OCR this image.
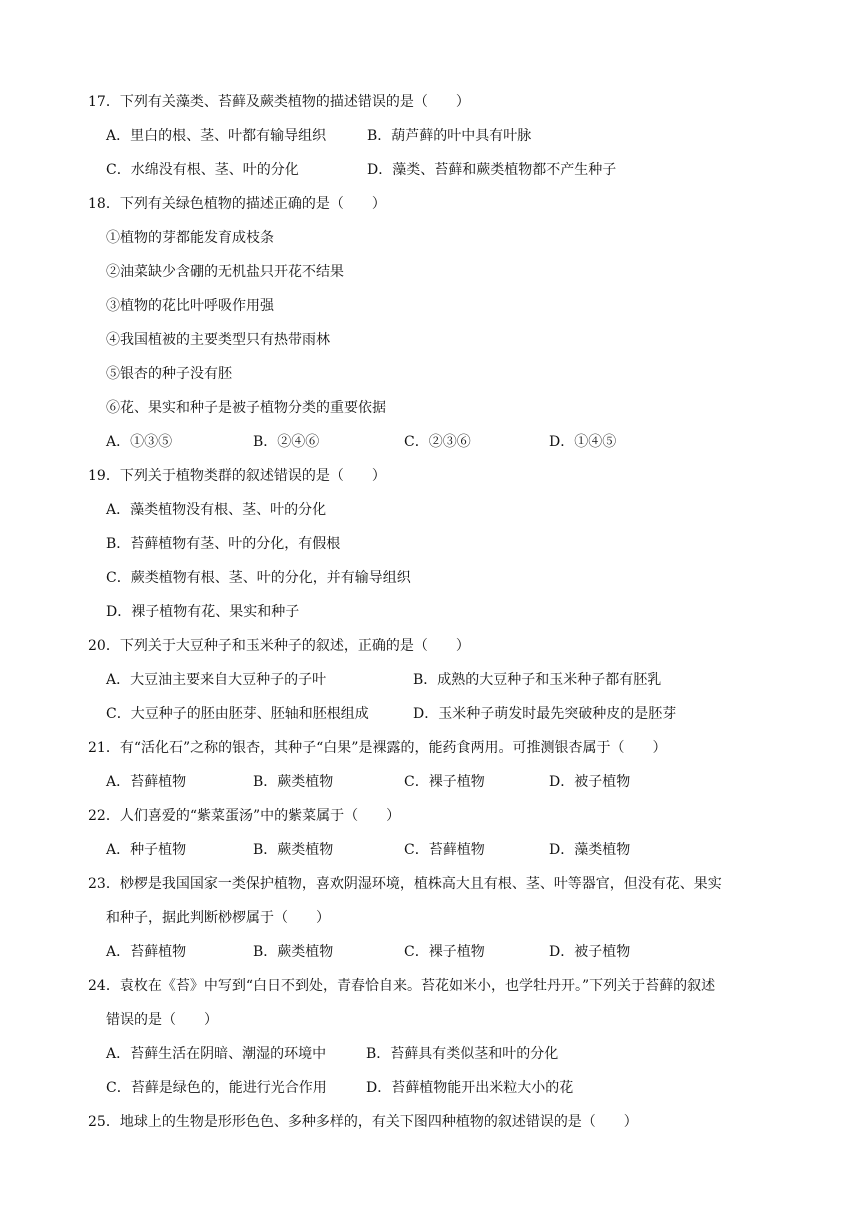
17．下列有关藻类、苔藓及蕨类植物的描述错误的是（　　）
A．里白的根、茎、叶都有输导组织	B．葫芦藓的叶中具有叶脉
C．水绵没有根、茎、叶的分化	D．藻类、苔藓和蕨类植物都不产生种子
18．下列有关绿色植物的描述正确的是（　　）
①植物的芽都能发育成枝条
②油菜缺少含硼的无机盐只开花不结果
③植物的花比叶呼吸作用强
④我国植被的主要类型只有热带雨林
⑤银杏的种子没有胚
⑥花、果实和种子是被子植物分类的重要依据
A．①③⑤	B．②④⑥	C．②③⑥	D．①④⑤
19．下列关于植物类群的叙述错误的是（　　）
A．藻类植物没有根、茎、叶的分化
B．苔藓植物有茎、叶的分化，有假根
C．蕨类植物有根、茎、叶的分化，并有输导组织
D．裸子植物有花、果实和种子
20．下列关于大豆种子和玉米种子的叙述，正确的是（　　）
A．大豆油主要来自大豆种子的子叶	B．成熟的大豆种子和玉米种子都有胚乳
C．大豆种子的胚由胚芽、胚轴和胚根组成	D．玉米种子萌发时最先突破种皮的是胚芽
21．有“活化石”之称的银杏，其种子“白果”是裸露的，能药食两用。可推测银杏属于（　　）
A．苔藓植物	B．蕨类植物	C．裸子植物	D．被子植物
22．人们喜爱的“紫菜蛋汤”中的紫菜属于（　　）
A．种子植物	B．蕨类植物	C．苔藓植物	D．藻类植物
23．桫椤是我国国家一类保护植物，喜欢阴湿环境，植株高大且有根、茎、叶等器官，但没有花、果实
和种子，据此判断桫椤属于（　　）
A．苔藓植物	B．蕨类植物	C．裸子植物	D．被子植物
24．袁枚在《苔》中写到“白日不到处，青春恰自来。苔花如米小，也学牡丹开。”下列关于苔藓的叙述
错误的是（　　）
A．苔藓生活在阴暗、潮湿的环境中	B．苔藓具有类似茎和叶的分化
C．苔藓是绿色的，能进行光合作用	D．苔藓植物能开出米粒大小的花
25．地球上的生物是形形色色、多种多样的，有关下图四种植物的叙述错误的是（　　）
